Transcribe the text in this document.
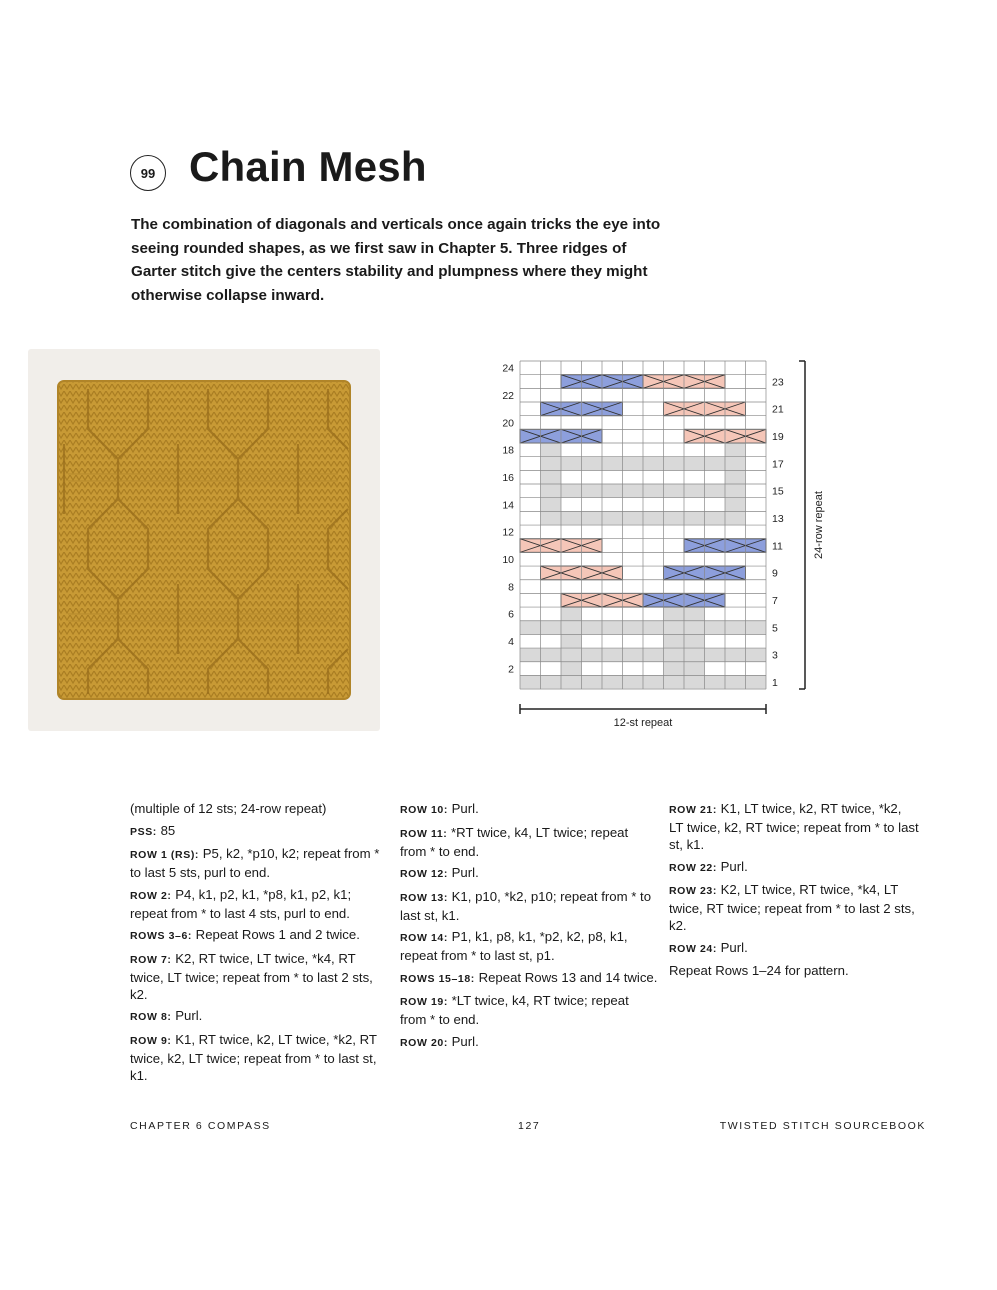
99 Chain Mesh

The combination of diagonals and verticals once again tricks the eye into seeing rounded shapes, as we first saw in Chapter 5. Three ridges of Garter stitch give the centers stability and plumpness where they might otherwise collapse inward.

24
22
20
18
16
14
12
10
8
6
4
2
23
21
19
17
15
13
11
9
7
5
3
1
12-st repeat
24-row repeat

(multiple of 12 sts; 24-row repeat)

PSS: 85

ROW 1 (RS): P5, k2, *p10, k2; repeat from * to last 5 sts, purl to end.

ROW 2: P4, k1, p2, k1, *p8, k1, p2, k1; repeat from * to last 4 sts, purl to end.

ROWS 3–6: Repeat Rows 1 and 2 twice.

ROW 7: K2, RT twice, LT twice, *k4, RT twice, LT twice; repeat from * to last 2 sts, k2.

ROW 8: Purl.

ROW 9: K1, RT twice, k2, LT twice, *k2, RT twice, k2, LT twice; repeat from * to last st, k1.

ROW 10: Purl.

ROW 11: *RT twice, k4, LT twice; repeat from * to end.

ROW 12: Purl.

ROW 13: K1, p10, *k2, p10; repeat from * to last st, k1.

ROW 14: P1, k1, p8, k1, *p2, k2, p8, k1, repeat from * to last st, p1.

ROWS 15–18: Repeat Rows 13 and 14 twice.

ROW 19: *LT twice, k4, RT twice; repeat from * to end.

ROW 20: Purl.

ROW 21: K1, LT twice, k2, RT twice, *k2, LT twice, k2, RT twice; repeat from * to last st, k1.

ROW 22: Purl.

ROW 23: K2, LT twice, RT twice, *k4, LT twice, RT twice; repeat from * to last 2 sts, k2.

ROW 24: Purl.

Repeat Rows 1–24 for pattern.

CHAPTER 6 COMPASS	127	TWISTED STITCH SOURCEBOOK
